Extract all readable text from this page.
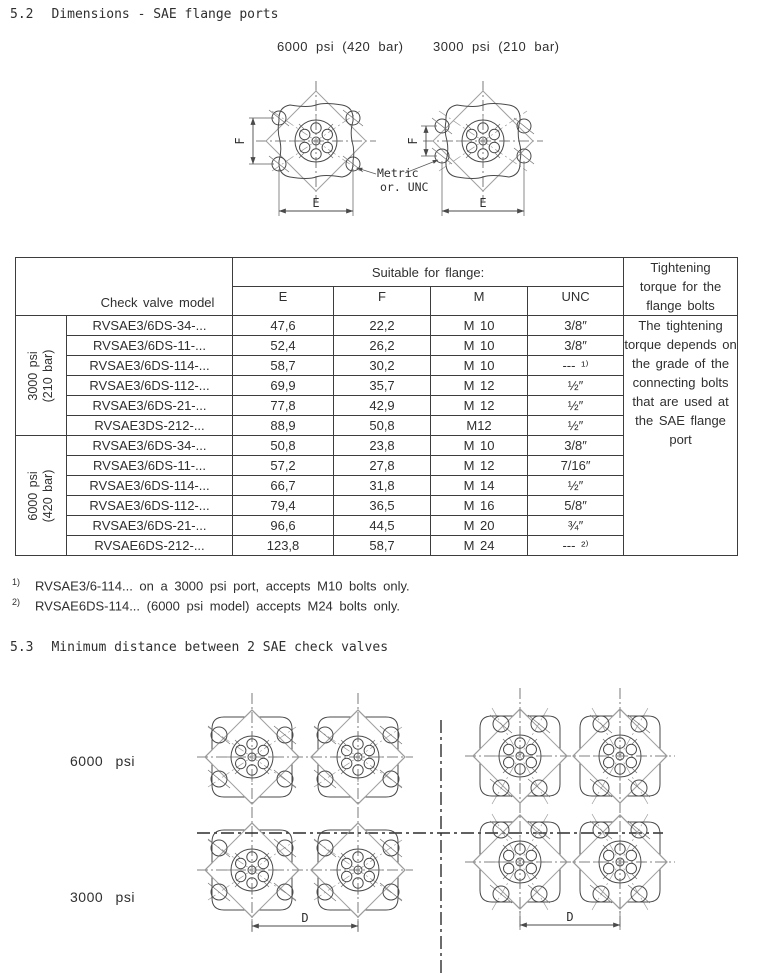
5.2 Dimensions - SAE flange ports
6000 psi (420 bar) 3000 psi (210 bar)
E
F
E
F
Metric
or. UNC
Check valve model		Suitable for flange:				Tightening
torque for the
flange bolts

		E	F	M	UNC	

3000 psi (210 bar)	RVSAE3/6DS-34-...	47,6	22,2	M 10	3/8″	The tightening torque depends on the grade of the connecting bolts that are used at the SAE flange port
	RVSAE3/6DS-11-...	52,4	26,2	M 10	3/8″	
	RVSAE3/6DS-114-...	58,7	30,2	M 10	--- ¹⁾	
	RVSAE3/6DS-112-...	69,9	35,7	M 12	½″	
	RVSAE3/6DS-21-...	77,8	42,9	M 12	½″	
	RVSAE3DS-212-...	88,9	50,8	M12	½″	

6000 psi (420 bar)	RVSAE3/6DS-34-...	50,8	23,8	M 10	3/8″	
	RVSAE3/6DS-11-...	57,2	27,8	M 12	7/16″	
	RVSAE3/6DS-114-...	66,7	31,8	M 14	½″	
	RVSAE3/6DS-112-...	79,4	36,5	M 16	5/8″	
	RVSAE3/6DS-21-...	96,6	44,5	M 20	¾″	
	RVSAE6DS-212-...	123,8	58,7	M 24	--- ²⁾	
$^{1)}$ RVSAE3/6-114... on a 3000 psi port, accepts M10 bolts only.
$^{2)}$ RVSAE6DS-114... (6000 psi model) accepts M24 bolts only.
5.3 Minimum distance between 2 SAE check valves
6000 psi
3000 psi
D	D
